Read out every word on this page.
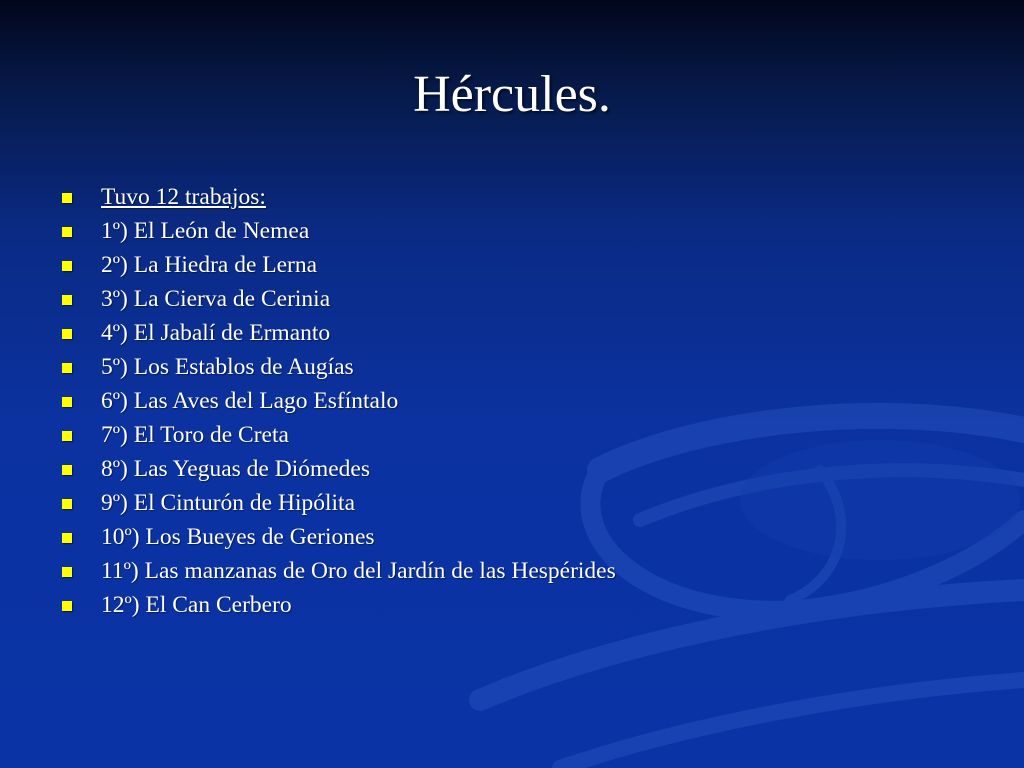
Hércules.
Tuvo 12 trabajos:
1º) El León de Nemea
2º) La Hiedra de Lerna
3º) La Cierva de Cerinia
4º) El Jabalí de Ermanto
5º) Los Establos de Augías
6º) Las Aves del Lago Esfíntalo
7º) El Toro de Creta
8º) Las Yeguas de Diómedes
9º) El Cinturón de Hipólita
10º) Los Bueyes de Geriones
11º) Las manzanas de Oro del Jardín de las Hespérides
12º) El Can Cerbero
